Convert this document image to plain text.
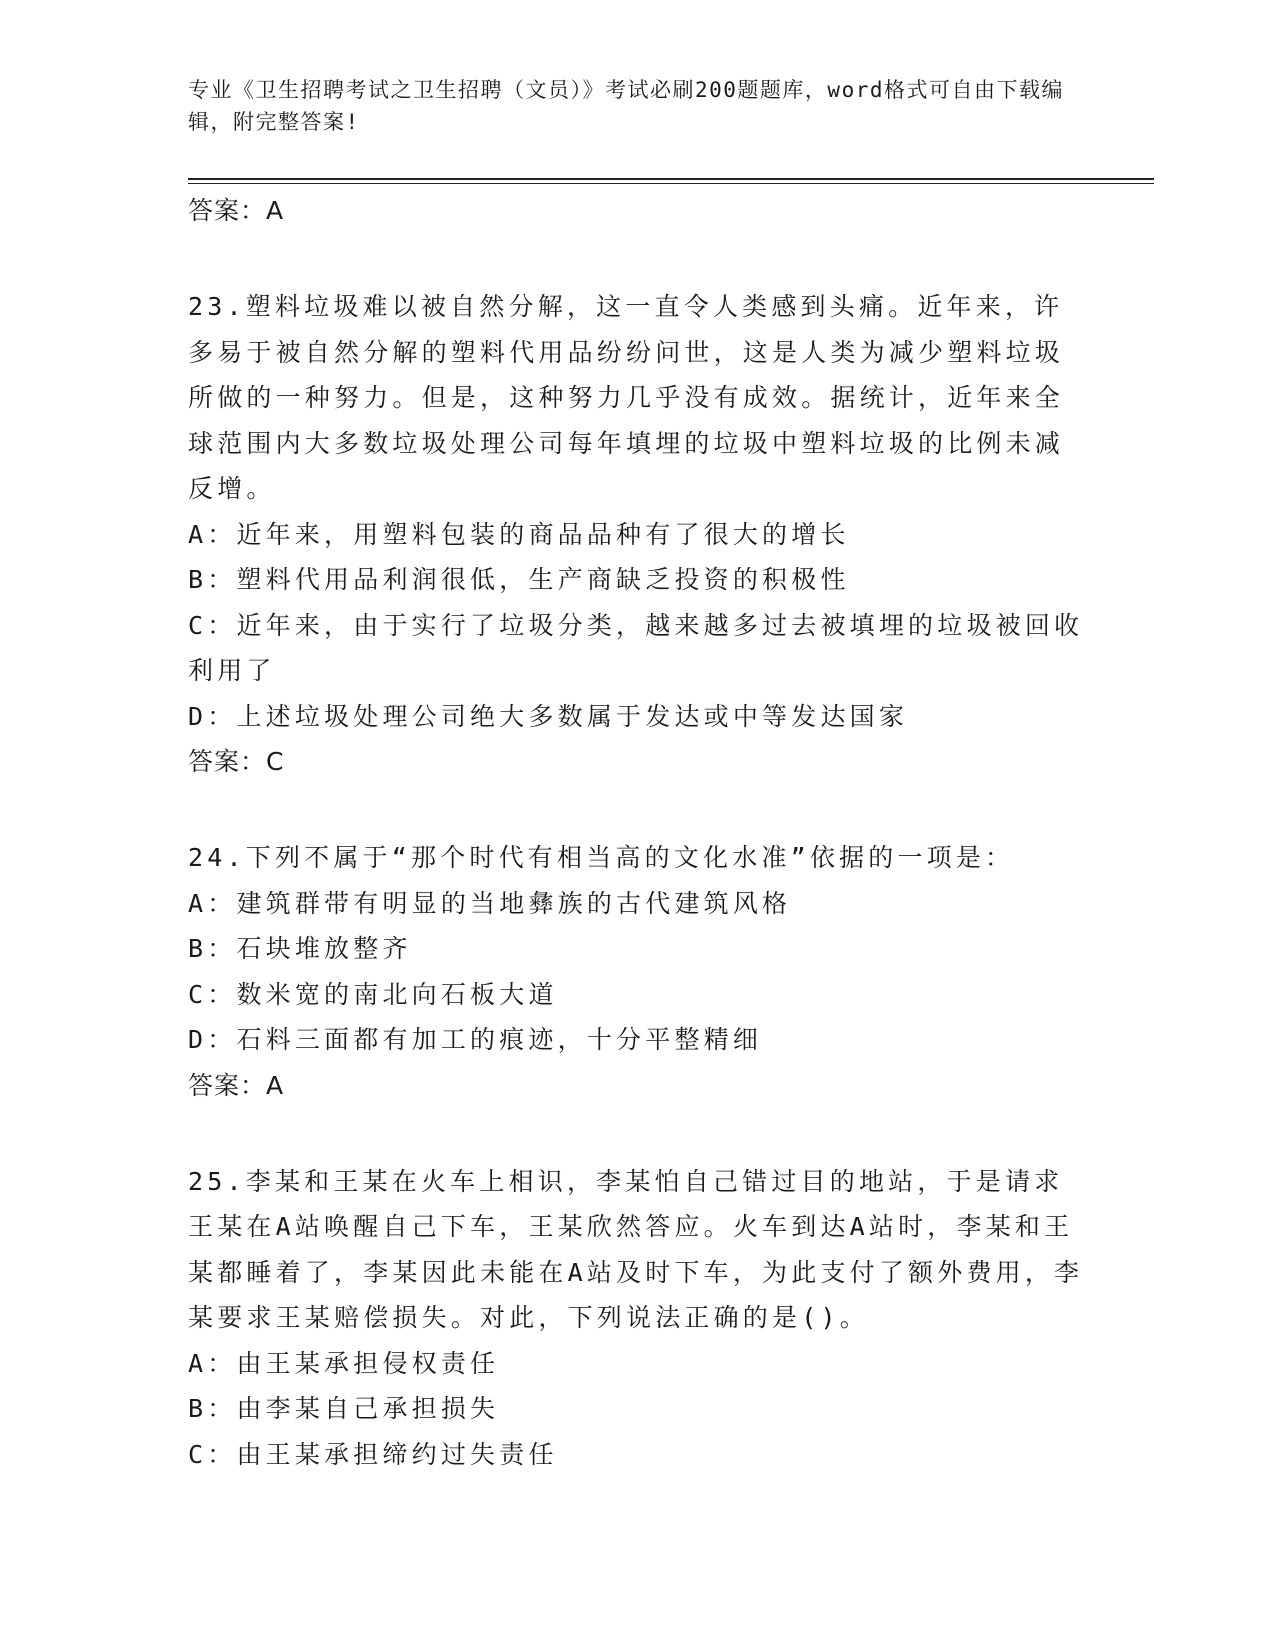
专业《卫生招聘考试之卫生招聘（文员）》考试必刷200题题库，word格式可自由下载编辑，附完整答案!
答案：A
23.塑料垃圾难以被自然分解，这一直令人类感到头痛。近年来，许多易于被自然分解的塑料代用品纷纷问世，这是人类为减少塑料垃圾所做的一种努力。但是，这种努力几乎没有成效。据统计，近年来全球范围内大多数垃圾处理公司每年填埋的垃圾中塑料垃圾的比例未减反增。
A：近年来，用塑料包装的商品品种有了很大的增长
B：塑料代用品利润很低，生产商缺乏投资的积极性
C：近年来，由于实行了垃圾分类，越来越多过去被填埋的垃圾被回收利用了
D：上述垃圾处理公司绝大多数属于发达或中等发达国家
答案：C
24.下列不属于“那个时代有相当高的文化水准”依据的一项是：
A：建筑群带有明显的当地彝族的古代建筑风格
B：石块堆放整齐
C：数米宽的南北向石板大道
D：石料三面都有加工的痕迹，十分平整精细
答案：A
25.李某和王某在火车上相识，李某怕自己错过目的地站，于是请求王某在A站唤醒自己下车，王某欣然答应。火车到达A站时，李某和王某都睡着了，李某因此未能在A站及时下车，为此支付了额外费用，李某要求王某赔偿损失。对此，下列说法正确的是()。
A：由王某承担侵权责任
B：由李某自己承担损失
C：由王某承担缔约过失责任
